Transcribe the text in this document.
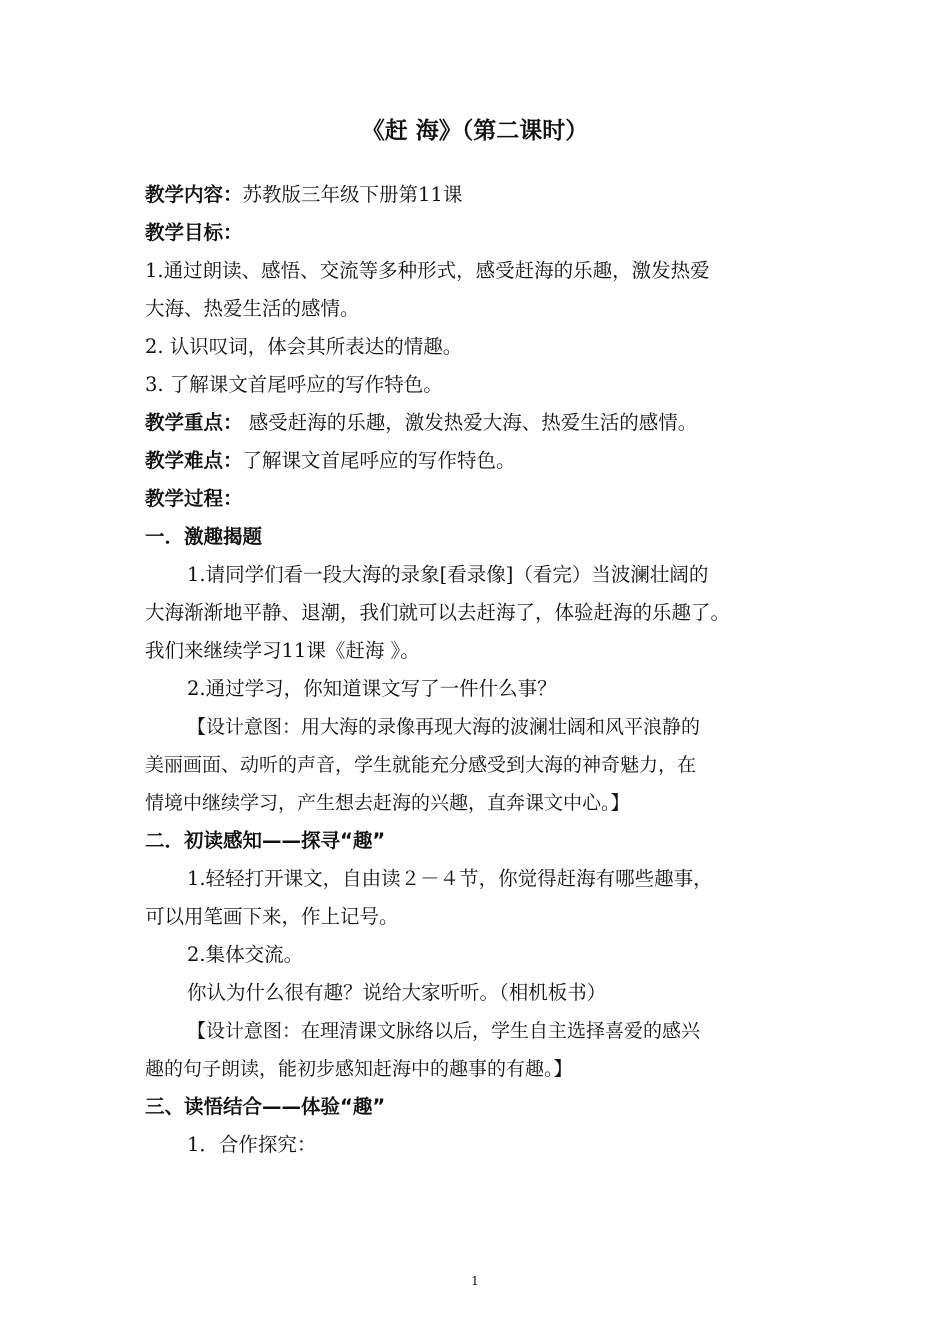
《赶 海》（第二课时）
教学内容：苏教版三年级下册第11课
教学目标：
1.通过朗读、感悟、交流等多种形式，感受赶海的乐趣，激发热爱
大海、热爱生活的感情。
2. 认识叹词，体会其所表达的情趣。
3. 了解课文首尾呼应的写作特色。
教学重点： 感受赶海的乐趣，激发热爱大海、热爱生活的感情。
教学难点：了解课文首尾呼应的写作特色。
教学过程：
一．激趣揭题
1.请同学们看一段大海的录象[看录像]（看完）当波澜壮阔的
大海渐渐地平静、退潮，我们就可以去赶海了，体验赶海的乐趣了。
我们来继续学习11课《赶海 》。
2.通过学习，你知道课文写了一件什么事？
【设计意图：用大海的录像再现大海的波澜壮阔和风平浪静的
美丽画面、动听的声音，学生就能充分感受到大海的神奇魅力，在
情境中继续学习，产生想去赶海的兴趣，直奔课文中心。】
二．初读感知——探寻“趣”
1.轻轻打开课文，自由读２－４节，你觉得赶海有哪些趣事，
可以用笔画下来，作上记号。
2.集体交流。
你认为什么很有趣？说给大家听听。（相机板书）
【设计意图：在理清课文脉络以后，学生自主选择喜爱的感兴
趣的句子朗读，能初步感知赶海中的趣事的有趣。】
三、读悟结合——体验“趣”
1．合作探究：
1
